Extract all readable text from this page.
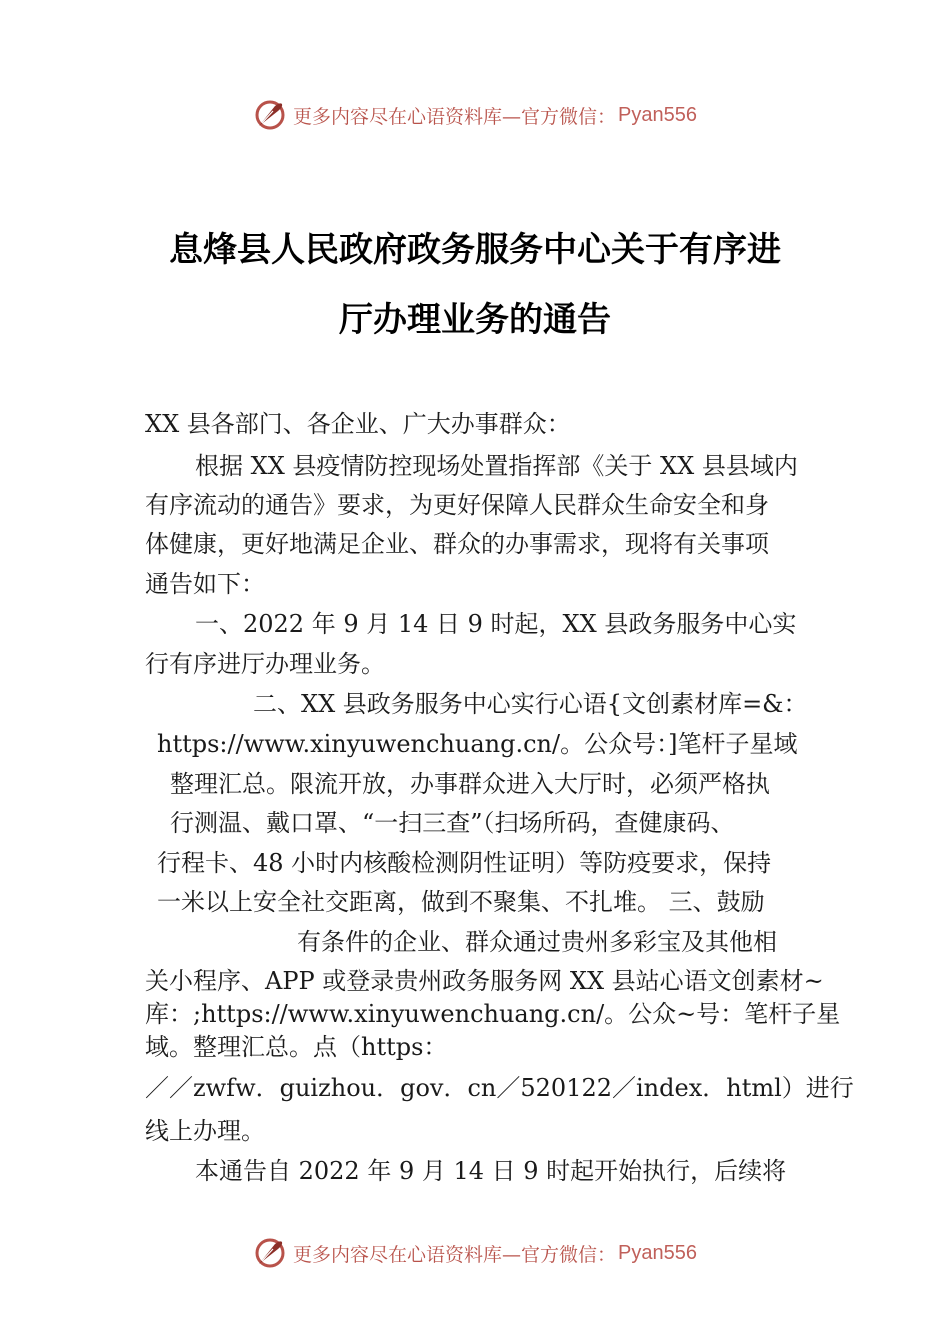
更多内容尽在心语资料库—官方微信： Pyan556
息烽县人民政府政务服务中心关于有序进
厅办理业务的通告
XX 县各部门、各企业、广大办事群众：
根据 XX 县疫情防控现场处置指挥部《关于 XX 县县域内
有序流动的通告》要求，为更好保障人民群众生命安全和身
体健康，更好地满足企业、群众的办事需求，现将有关事项
通告如下：
一、2022 年 9 月 14 日 9 时起，XX 县政务服务中心实
行有序进厅办理业务。
二、XX 县政务服务中心实行心语{文创素材库=&：
https://www.xinyuwenchuang.cn/。公众号：]笔杆子星域
整理汇总。限流开放，办事群众进入大厅时，必须严格执
行测温、戴口罩、“一扫三查”（扫场所码，查健康码、
行程卡、48 小时内核酸检测阴性证明）等防疫要求，保持
一米以上安全社交距离，做到不聚集、不扎堆。 三、鼓励
有条件的企业、群众通过贵州多彩宝及其他相
关小程序、APP 或登录贵州政务服务网 XX 县站心语文创素材~
库：;https://www.xinyuwenchuang.cn/。公众~号：笔杆子星
域。整理汇总。点（https：
／／zwfw．guizhou．gov．cn／520122／index．html）进行
线上办理。
本通告自 2022 年 9 月 14 日 9 时起开始执行，后续将
更多内容尽在心语资料库—官方微信： Pyan556
